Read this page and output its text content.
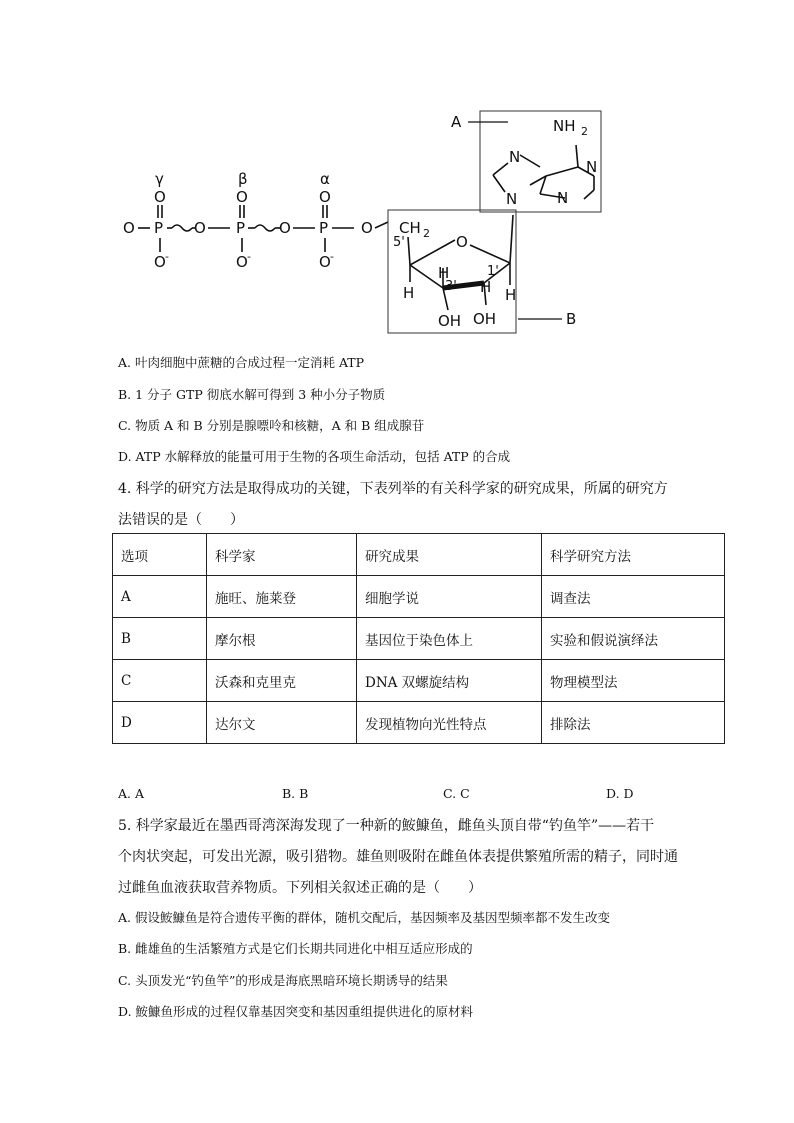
γ	β	α
O	O	O
O P O P O P O CH 2
O -	O -	O -
5'	O
1'
3'
H
H
H H
OH OH
N
N
N
N
NH 2
A
B
A. 叶肉细胞中蔗糖的合成过程一定消耗 ATP
B. 1 分子 GTP 彻底水解可得到 3 种小分子物质
C. 物质 A 和 B 分别是腺嘌呤和核糖，A 和 B 组成腺苷
D. ATP 水解释放的能量可用于生物的各项生命活动，包括 ATP 的合成
4. 科学的研究方法是取得成功的关键，下表列举的有关科学家的研究成果，所属的研究方
法错误的是（　　）
选项	科学家	研究成果	科学研究方法
A	施旺、施莱登	细胞学说	调查法
B	摩尔根	基因位于染色体上	实验和假说演绎法
C	沃森和克里克	DNA 双螺旋结构	物理模型法
D	达尔文	发现植物向光性特点	排除法
A. A	B. B	C. C	D. D
5. 科学家最近在墨西哥湾深海发现了一种新的鮟鱇鱼，雌鱼头顶自带“钓鱼竿”——若干
个肉状突起，可发出光源，吸引猎物。雄鱼则吸附在雌鱼体表提供繁殖所需的精子，同时通
过雌鱼血液获取营养物质。下列相关叙述正确的是（　　）
A. 假设鮟鱇鱼是符合遗传平衡的群体，随机交配后，基因频率及基因型频率都不发生改变
B. 雌雄鱼的生活繁殖方式是它们长期共同进化中相互适应形成的
C. 头顶发光“钓鱼竿”的形成是海底黑暗环境长期诱导的结果
D. 鮟鱇鱼形成的过程仅靠基因突变和基因重组提供进化的原材料
